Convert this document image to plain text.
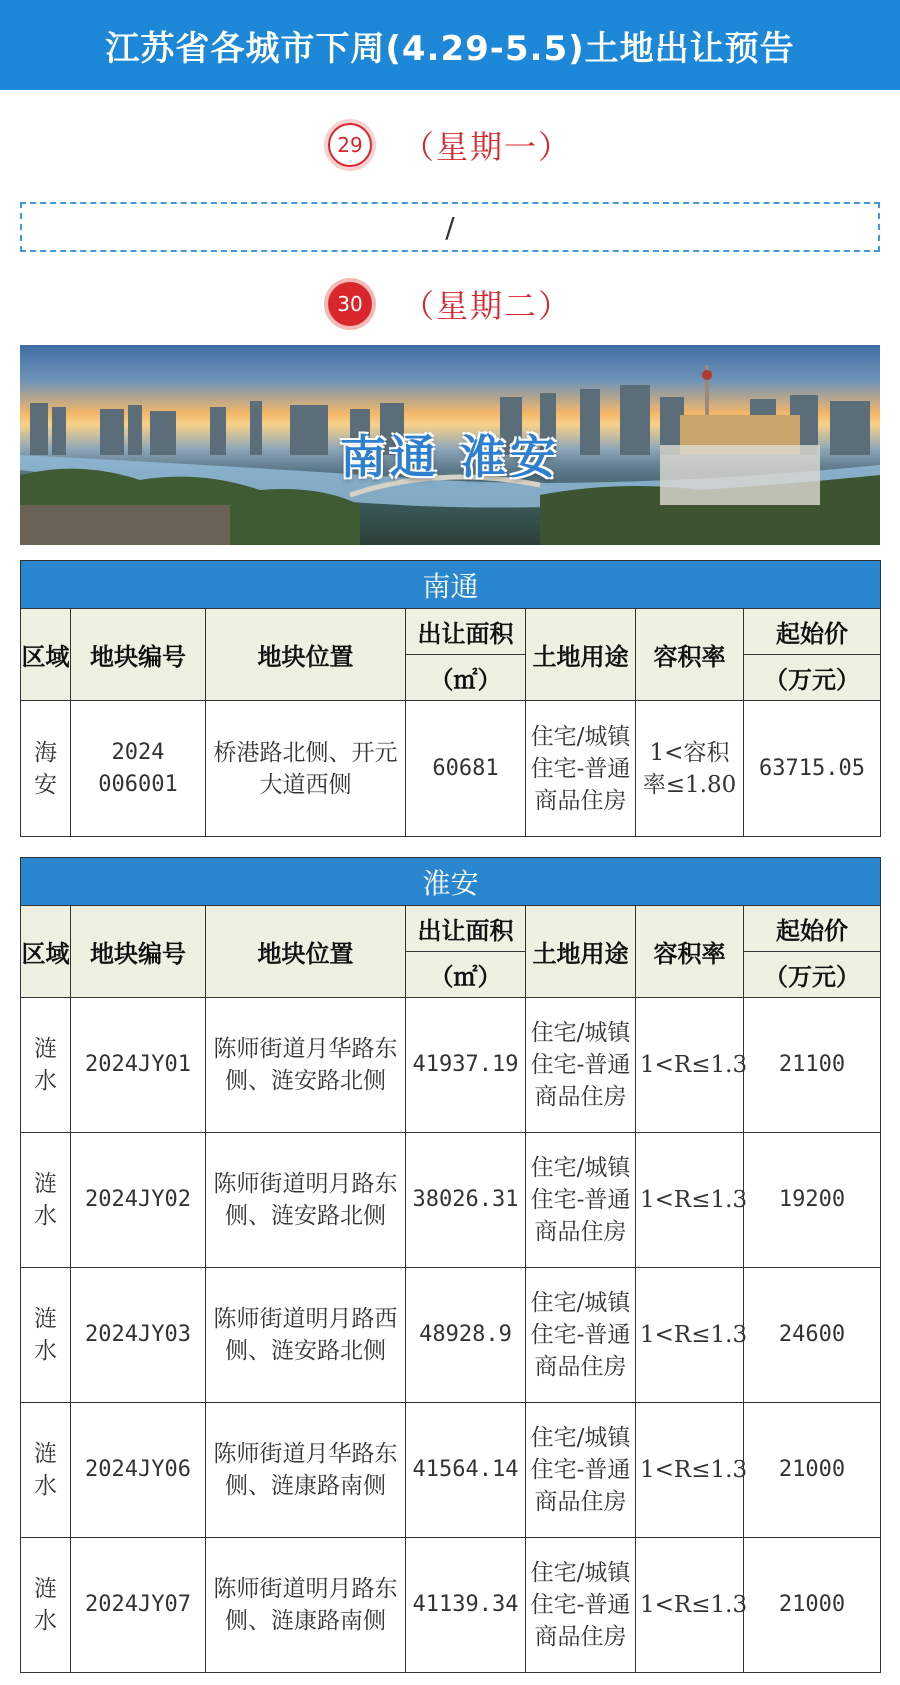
江苏省各城市下周(4.29-5.5)土地出让预告
29 （星期一）
/
30 （星期二）
南通 淮安
南通						
区域	地块编号	地块位置	出让面积	土地用途	容积率	起始价
			（㎡）			（万元）
海安	2024 006001	桥港路北侧、开元大道西侧	60681	住宅/城镇住宅-普通商品住房	1<容积率≤1.80	63715.05
淮安						
区域	地块编号	地块位置	出让面积	土地用途	容积率	起始价
			（㎡）			（万元）
涟水	2024JY01	陈师街道月华路东侧、涟安路北侧	41937.19	住宅/城镇住宅-普通商品住房	1<R≤1.3	21100
涟水	2024JY02	陈师街道明月路东侧、涟安路北侧	38026.31	住宅/城镇住宅-普通商品住房	1<R≤1.3	19200
涟水	2024JY03	陈师街道明月路西侧、涟安路北侧	48928.9	住宅/城镇住宅-普通商品住房	1<R≤1.3	24600
涟水	2024JY06	陈师街道月华路东侧、涟康路南侧	41564.14	住宅/城镇住宅-普通商品住房	1<R≤1.3	21000
涟水	2024JY07	陈师街道明月路东侧、涟康路南侧	41139.34	住宅/城镇住宅-普通商品住房	1<R≤1.3	21000
